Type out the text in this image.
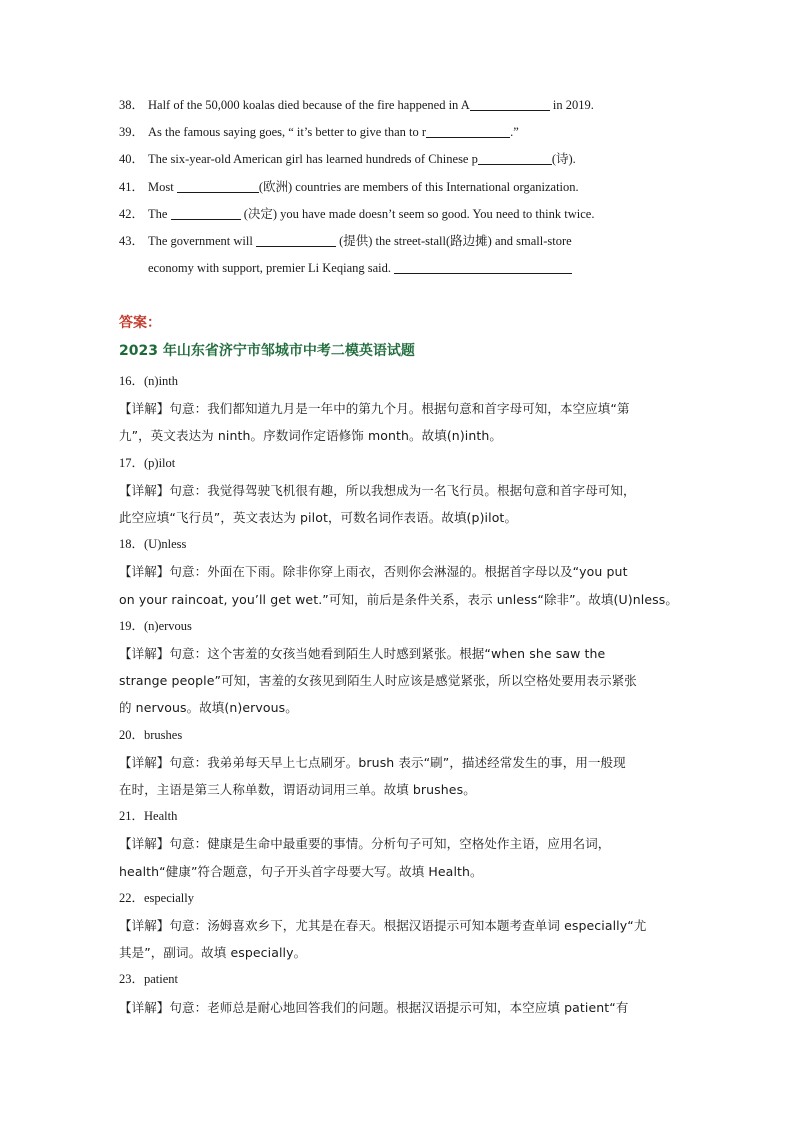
38． Half of the 50,000 koalas died because of the fire happened in A	in 2019.
39． As the famous saying goes, “ it’s better to give than to r	.”
40． The six-year-old American girl has learned hundreds of Chinese p	(诗).
41． Most	(欧洲) countries are members of this International organization.
42． The	(决定) you have made doesn’t seem so good. You need to think twice.
43． The government will	(提供) the street-stall(路边摊) and small-store
economy with support, premier Li Keqiang said.
答案：
2023 年山东省济宁市邹城市中考二模英语试题
16．(n)inth
【详解】句意：我们都知道九月是一年中的第九个月。根据句意和首字母可知，本空应填“第
九”，英文表达为 ninth。序数词作定语修饰 month。故填(n)inth。
17．(p)ilot
【详解】句意：我觉得驾驶飞机很有趣，所以我想成为一名飞行员。根据句意和首字母可知，
此空应填“飞行员”，英文表达为 pilot，可数名词作表语。故填(p)ilot。
18．(U)nless
【详解】句意：外面在下雨。除非你穿上雨衣，否则你会淋湿的。根据首字母以及“you put
on your raincoat, you’ll get wet.”可知，前后是条件关系，表示 unless“除非”。故填(U)nless。
19．(n)ervous
【详解】句意：这个害羞的女孩当她看到陌生人时感到紧张。根据“when she saw the
strange people”可知，害羞的女孩见到陌生人时应该是感觉紧张，所以空格处要用表示紧张
的 nervous。故填(n)ervous。
20．brushes
【详解】句意：我弟弟每天早上七点刷牙。brush 表示“刷”，描述经常发生的事，用一般现
在时，主语是第三人称单数，谓语动词用三单。故填 brushes。
21．Health
【详解】句意：健康是生命中最重要的事情。分析句子可知，空格处作主语，应用名词，
health“健康”符合题意，句子开头首字母要大写。故填 Health。
22．especially
【详解】句意：汤姆喜欢乡下，尤其是在春天。根据汉语提示可知本题考查单词 especially“尤
其是”，副词。故填 especially。
23．patient
【详解】句意：老师总是耐心地回答我们的问题。根据汉语提示可知，本空应填 patient“有
